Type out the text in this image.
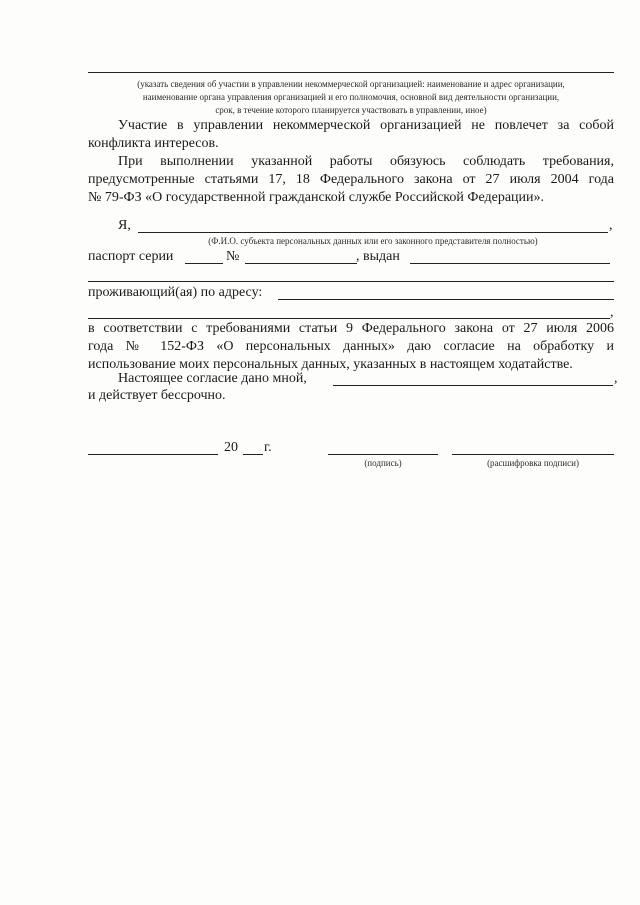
(указать сведения об участии в управлении некоммерческой организацией: наименование и адрес организации,
наименование органа управления организацией и его полномочия, основной вид деятельности организации,
срок, в течение которого планируется участвовать в управлении, иное)
Участие в управлении некоммерческой организацией не повлечет за собой
конфликта интересов.
При выполнении указанной работы обязуюсь соблюдать требования,
предусмотренные статьями 17, 18 Федерального закона от 27 июля 2004 года
№ 79-ФЗ «О государственной гражданской службе Российской Федерации».
Я,	,
(Ф.И.О. субъекта персональных данных или его законного представителя полностью)
паспорт серии	№	, выдан
проживающий(ая) по адресу:
,
в соответствии с требованиями статьи 9 Федерального закона от 27 июля 2006
года № 152-ФЗ «О персональных данных» даю согласие на обработку и
использование моих персональных данных, указанных в настоящем ходатайстве.
Настоящее согласие дано мной,	,
и действует бессрочно.
20 г.
(подпись)	(расшифровка подписи)
